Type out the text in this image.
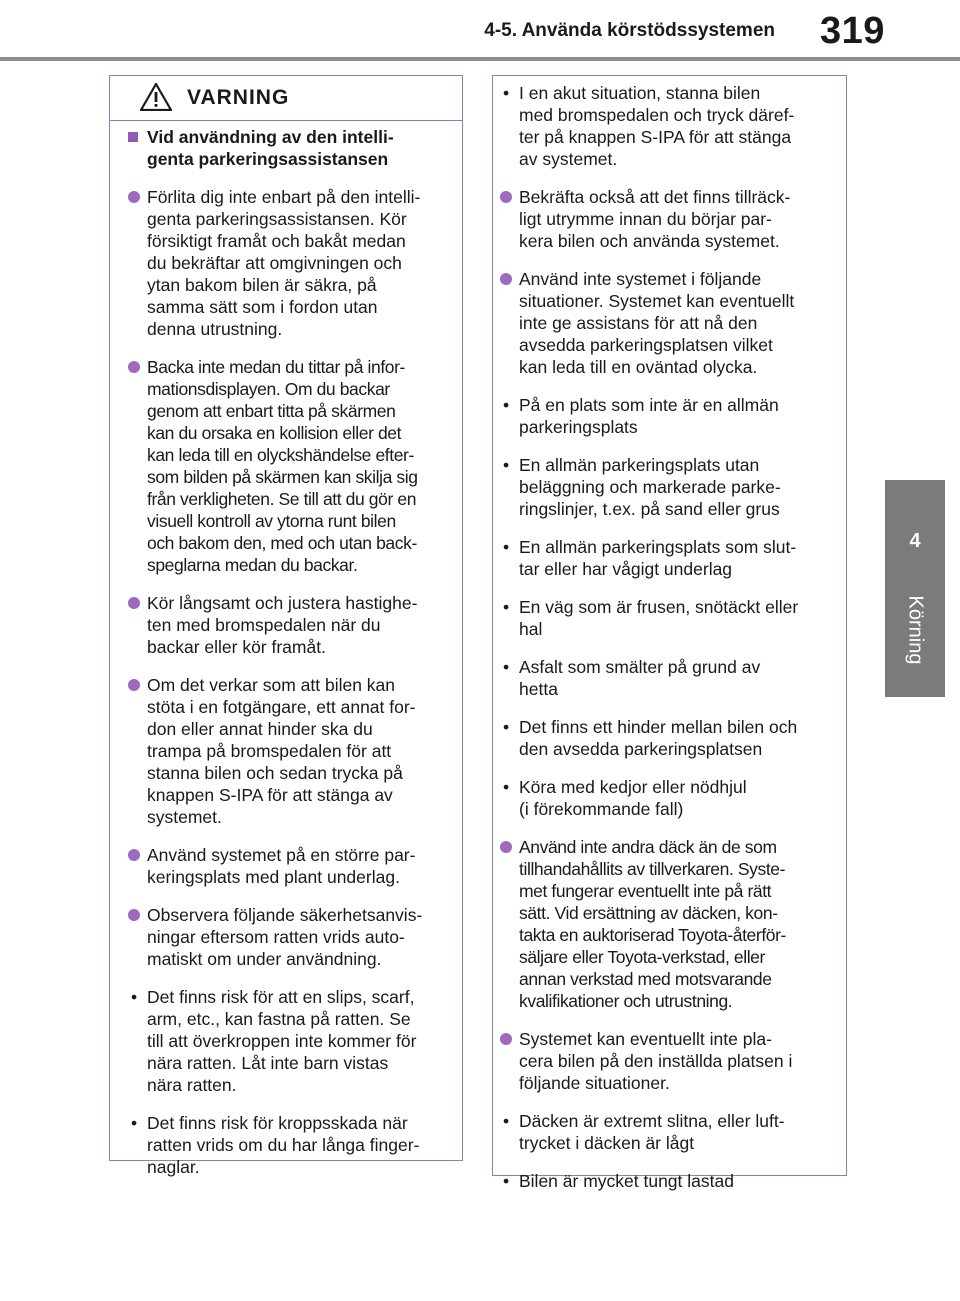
4-5. Använda körstödssystemen 319
4
Körning
VARNING
Vid användning av den intelli-
genta parkeringsassistansen
Förlita dig inte enbart på den intelli-
genta parkeringsassistansen. Kör
försiktigt framåt och bakåt medan
du bekräftar att omgivningen och
ytan bakom bilen är säkra, på
samma sätt som i fordon utan
denna utrustning.
Backa inte medan du tittar på infor-
mationsdisplayen. Om du backar
genom att enbart titta på skärmen
kan du orsaka en kollision eller det
kan leda till en olyckshändelse efter-
som bilden på skärmen kan skilja sig
från verkligheten. Se till att du gör en
visuell kontroll av ytorna runt bilen
och bakom den, med och utan back-
speglarna medan du backar.
Kör långsamt och justera hastighe-
ten med bromspedalen när du
backar eller kör framåt.
Om det verkar som att bilen kan
stöta i en fotgängare, ett annat for-
don eller annat hinder ska du
trampa på bromspedalen för att
stanna bilen och sedan trycka på
knappen S-IPA för att stänga av
systemet.
Använd systemet på en större par-
keringsplats med plant underlag.
Observera följande säkerhetsanvis-
ningar eftersom ratten vrids auto-
matiskt om under användning.
• Det finns risk för att en slips, scarf,
arm, etc., kan fastna på ratten. Se
till att överkroppen inte kommer för
nära ratten. Låt inte barn vistas
nära ratten.
• Det finns risk för kroppsskada när
ratten vrids om du har långa finger-
naglar.
• I en akut situation, stanna bilen
med bromspedalen och tryck däref-
ter på knappen S-IPA för att stänga
av systemet.
Bekräfta också att det finns tillräck-
ligt utrymme innan du börjar par-
kera bilen och använda systemet.
Använd inte systemet i följande
situationer. Systemet kan eventuellt
inte ge assistans för att nå den
avsedda parkeringsplatsen vilket
kan leda till en oväntad olycka.
• På en plats som inte är en allmän
parkeringsplats
• En allmän parkeringsplats utan
beläggning och markerade parke-
ringslinjer, t.ex. på sand eller grus
• En allmän parkeringsplats som slut-
tar eller har vågigt underlag
• En väg som är frusen, snötäckt eller
hal
• Asfalt som smälter på grund av
hetta
• Det finns ett hinder mellan bilen och
den avsedda parkeringsplatsen
• Köra med kedjor eller nödhjul
(i förekommande fall)
Använd inte andra däck än de som
tillhandahållits av tillverkaren. Syste-
met fungerar eventuellt inte på rätt
sätt. Vid ersättning av däcken, kon-
takta en auktoriserad Toyota-återför-
säljare eller Toyota-verkstad, eller
annan verkstad med motsvarande
kvalifikationer och utrustning.
Systemet kan eventuellt inte pla-
cera bilen på den inställda platsen i
följande situationer.
• Däcken är extremt slitna, eller luft-
trycket i däcken är lågt
• Bilen är mycket tungt lastad
